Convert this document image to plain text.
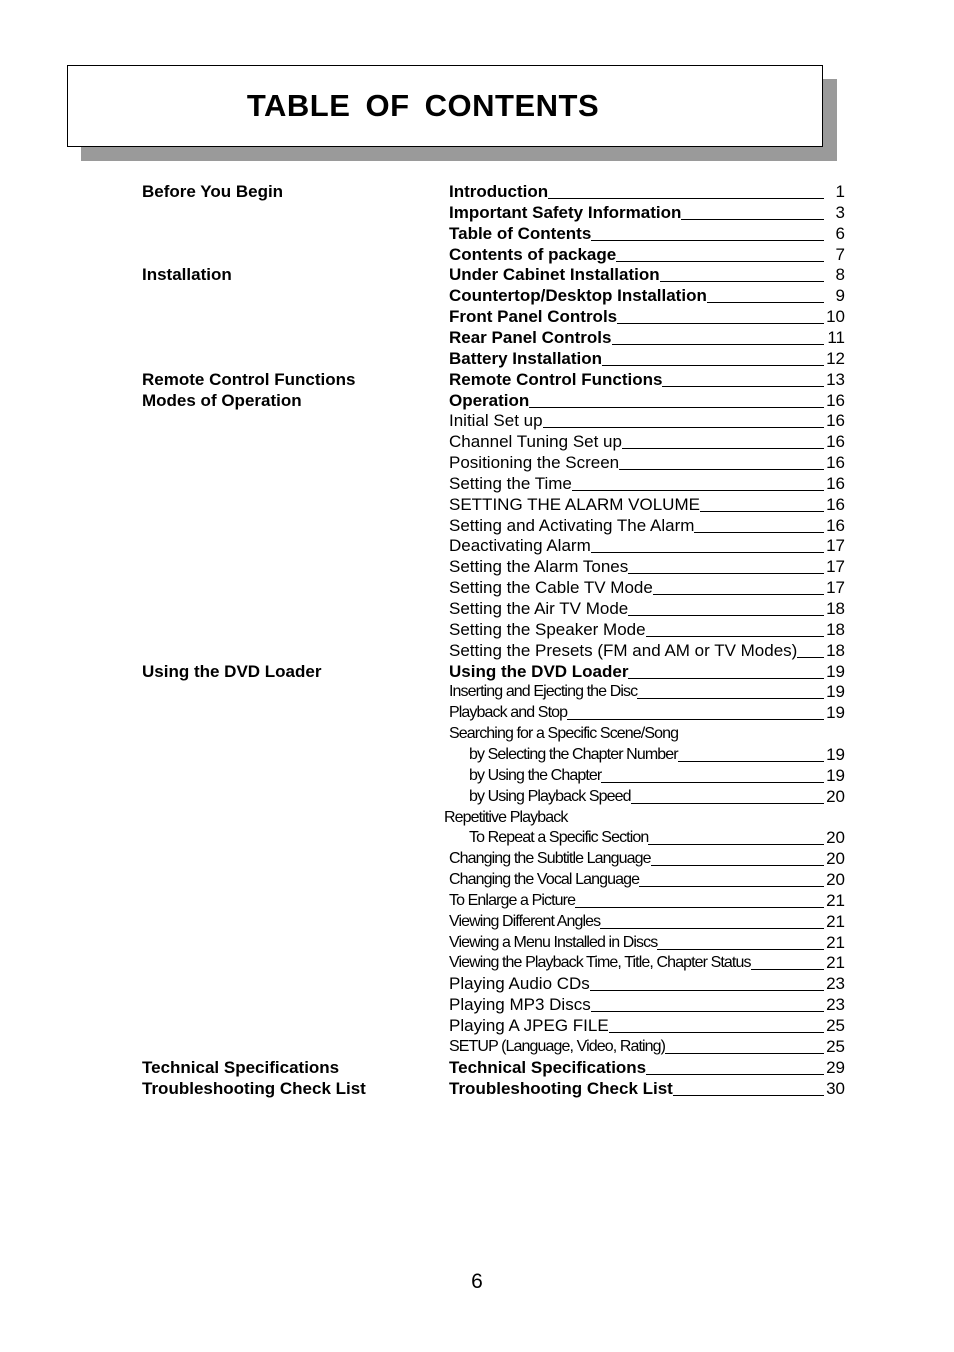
TABLE OF CONTENTS
Before You Begin	Introduction	1
Important Safety Information	3
Table of Contents	6
Contents of package	7
Installation	Under Cabinet Installation	8
Countertop/Desktop Installation	9
Front Panel Controls	10
Rear Panel Controls	11
Battery Installation	12
Remote Control Functions	Remote Control Functions	13
Modes of Operation	Operation	16
Initial Set up	16
Channel Tuning Set up	16
Positioning the Screen	16
Setting the Time	16
SETTING THE ALARM VOLUME	16
Setting and Activating The Alarm	16
Deactivating Alarm	17
Setting the Alarm Tones	17
Setting the Cable TV Mode	17
Setting the Air TV Mode	18
Setting the Speaker Mode	18
Setting the Presets (FM and AM or TV Modes) 18
Using the DVD Loader	Using the DVD Loader	19
Inserting and Ejecting the Disc	19
Playback and Stop	19
Searching for a Specific Scene/Song
by Selecting the Chapter Number	19
by Using the Chapter	19
by Using Playback Speed	20
Repetitive Playback
To Repeat a Specific Section	20
Changing the Subtitle Language	20
Changing the Vocal Language	20
To Enlarge a Picture	21
Viewing Different Angles	21
Viewing a Menu Installed in Discs	21
Viewing the Playback Time, Title, Chapter Status	21
Playing Audio CDs	23
Playing MP3 Discs	23
Playing A JPEG FILE	25
SETUP (Language, Video, Rating)	25
Technical Specifications	Technical Specifications	29
Troubleshooting Check List	Troubleshooting Check List	30
6
